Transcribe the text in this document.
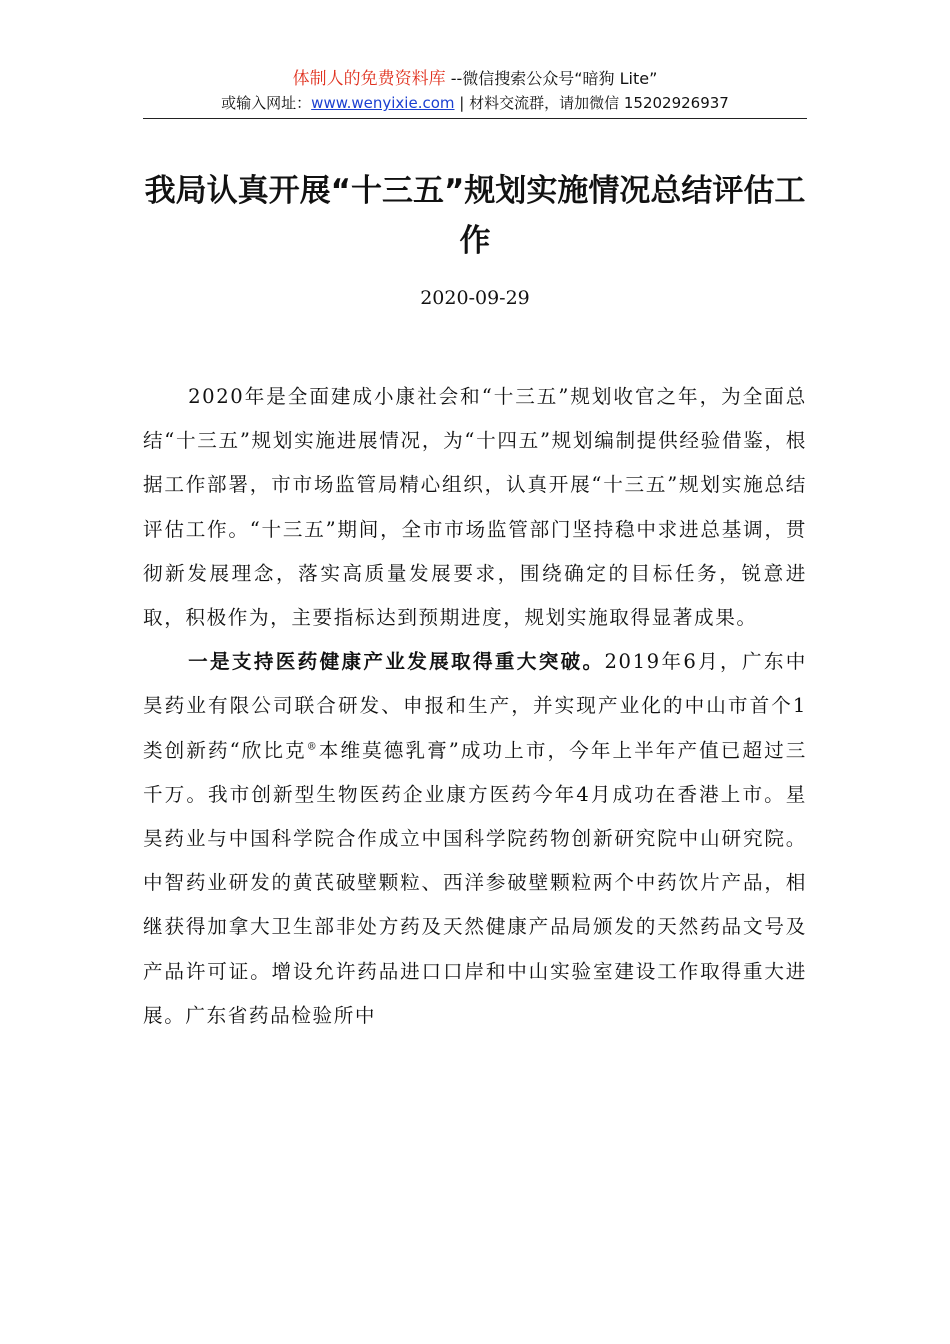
体制人的免费资料库 --微信搜索公众号“暗狗 Lite”
或输入网址：www.wenyixie.com | 材料交流群，请加微信 15202926937
我局认真开展“十三五”规划实施情况总结评估工作
2020-09-29

2020年是全面建成小康社会和“十三五”规划收官之年，为全面总结“十三五”规划实施进展情况，为“十四五”规划编制提供经验借鉴，根据工作部署，市市场监管局精心组织，认真开展“十三五”规划实施总结评估工作。“十三五”期间，全市市场监管部门坚持稳中求进总基调，贯彻新发展理念，落实高质量发展要求，围绕确定的目标任务，锐意进取，积极作为，主要指标达到预期进度，规划实施取得显著成果。

一是支持医药健康产业发展取得重大突破。2019年6月，广东中昊药业有限公司联合研发、申报和生产，并实现产业化的中山市首个1类创新药“欣比克®本维莫德乳膏”成功上市，今年上半年产值已超过三千万。我市创新型生物医药企业康方医药今年4月成功在香港上市。星昊药业与中国科学院合作成立中国科学院药物创新研究院中山研究院。中智药业研发的黄芪破壁颗粒、西洋参破壁颗粒两个中药饮片产品，相继获得加拿大卫生部非处方药及天然健康产品局颁发的天然药品文号及产品许可证。增设允许药品进口口岸和中山实验室建设工作取得重大进展。广东省药品检验所中
